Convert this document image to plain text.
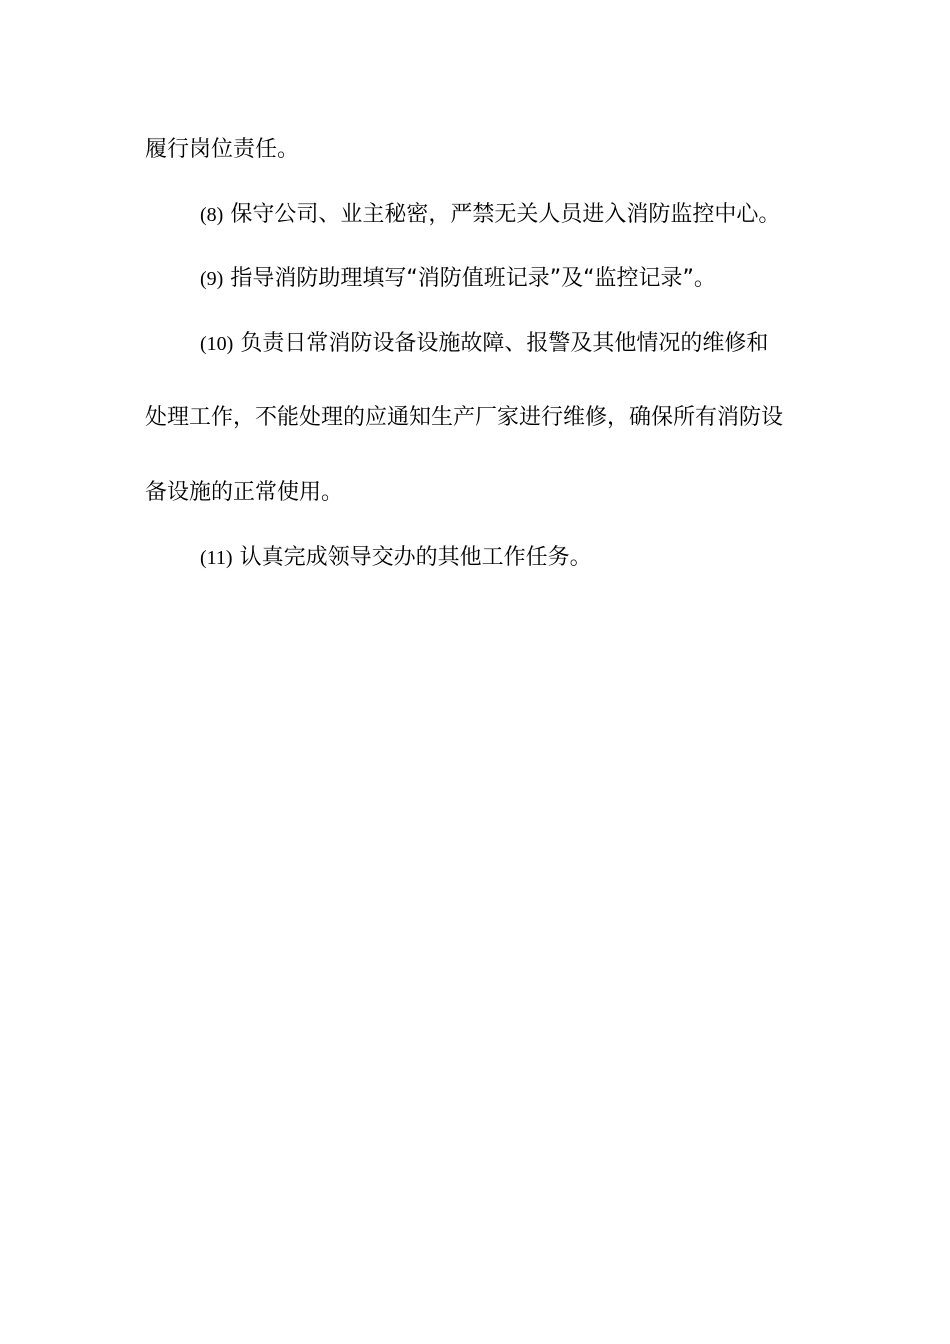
履行岗位责任。
(8) 保守公司、业主秘密，严禁无关人员进入消防监控中心。
(9) 指导消防助理填写“消防值班记录”及“监控记录”。
(10) 负责日常消防设备设施故障、报警及其他情况的维修和
处理工作，不能处理的应通知生产厂家进行维修，确保所有消防设
备设施的正常使用。
(11) 认真完成领导交办的其他工作任务。
